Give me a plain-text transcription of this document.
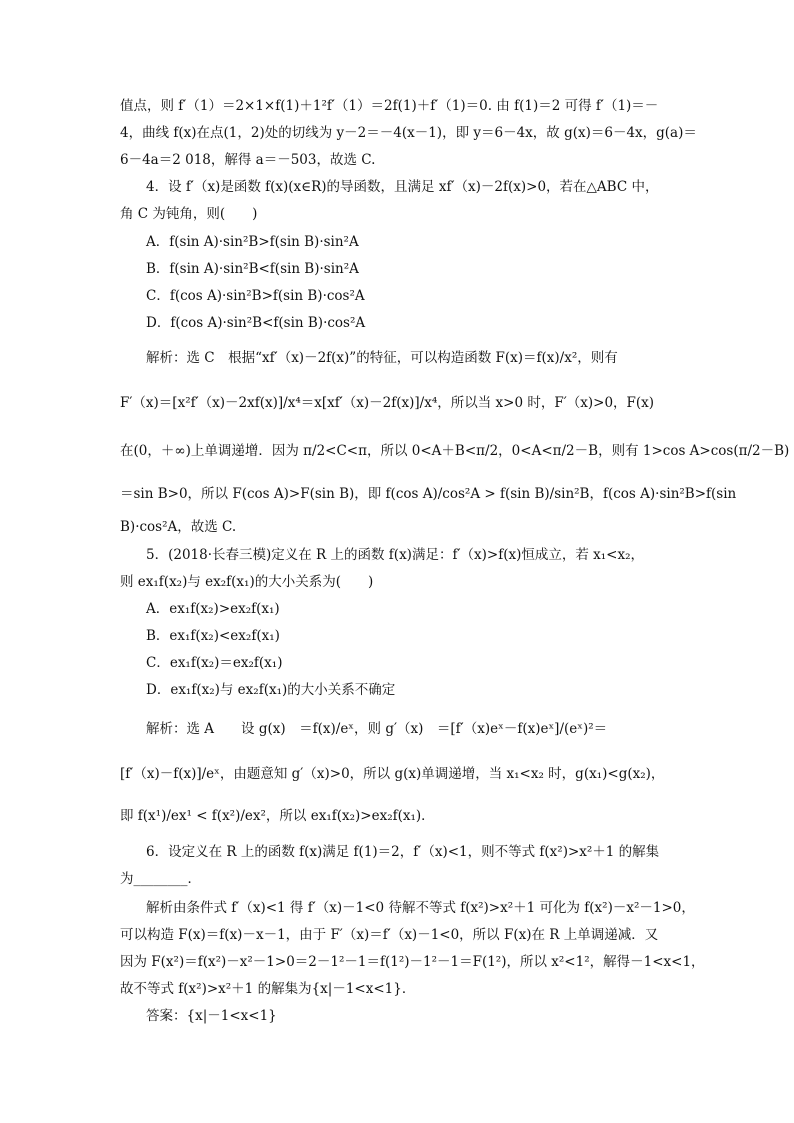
值点，则 f′（1）＝2×1×f(1)＋1²f′（1）＝2f(1)＋f′（1)＝0. 由 f(1)＝2 可得 f′（1)＝－
4，曲线 f(x)在点(1，2)处的切线为 y－2＝－4(x－1)，即 y＝6－4x，故 g(x)＝6－4x，g(a)＝
6－4a＝2 018，解得 a＝－503，故选 C.
4．设 f′（x)是函数 f(x)(x∈R)的导函数，且满足 xf′（x)－2f(x)>0，若在△ABC 中，
角 C 为钝角，则(　　)
A．f(sin A)·sin²B>f(sin B)·sin²A
B．f(sin A)·sin²B<f(sin B)·sin²A
C．f(cos A)·sin²B>f(sin B)·cos²A
D．f(cos A)·sin²B<f(sin B)·cos²A
解析：选 C　根据“xf′（x)－2f(x)”的特征，可以构造函数 F(x)＝f(x)/x²，则有
F′（x)＝[x²f′（x)－2xf(x)]/x⁴＝x[xf′（x)－2f(x)]/x⁴，所以当 x>0 时，F′（x)>0，F(x)
在(0，＋∞)上单调递增．因为 π/2<C<π，所以 0<A＋B<π/2，0<A<π/2－B，则有 1>cos A>cos(π/2－B)
＝sin B>0，所以 F(cos A)>F(sin B)，即 f(cos A)/cos²A > f(sin B)/sin²B，f(cos A)·sin²B>f(sin
B)·cos²A，故选 C.
5．(2018·长春三模)定义在 R 上的函数 f(x)满足：f′（x)>f(x)恒成立，若 x₁<x₂，
则 ex₁f(x₂)与 ex₂f(x₁)的大小关系为(　　)
A．ex₁f(x₂)>ex₂f(x₁)
B．ex₁f(x₂)<ex₂f(x₁)
C．ex₁f(x₂)＝ex₂f(x₁)
D．ex₁f(x₂)与 ex₂f(x₁)的大小关系不确定
解析：选 A　　设 g(x)　＝f(x)/eˣ，则 g′（x)　＝[f′（x)eˣ－f(x)eˣ]/(eˣ)²＝
[f′（x)－f(x)]/eˣ，由题意知 g′（x)>0，所以 g(x)单调递增，当 x₁<x₂ 时，g(x₁)<g(x₂)，
即 f(x¹)/ex¹ < f(x²)/ex²，所以 ex₁f(x₂)>ex₂f(x₁)．
6．设定义在 R 上的函数 f(x)满足 f(1)＝2，f′（x)<1，则不等式 f(x²)>x²＋1 的解集
为________．
解析由条件式 f′（x)<1 得 f′（x)－1<0 待解不等式 f(x²)>x²＋1 可化为 f(x²)－x²－1>0，
可以构造 F(x)＝f(x)－x－1，由于 F′（x)＝f′（x)－1<0，所以 F(x)在 R 上单调递减．又
因为 F(x²)＝f(x²)－x²－1>0＝2－1²－1＝f(1²)－1²－1＝F(1²)，所以 x²<1²，解得－1<x<1，
故不等式 f(x²)>x²＋1 的解集为{x|－1<x<1}．
答案：{x|－1<x<1}
